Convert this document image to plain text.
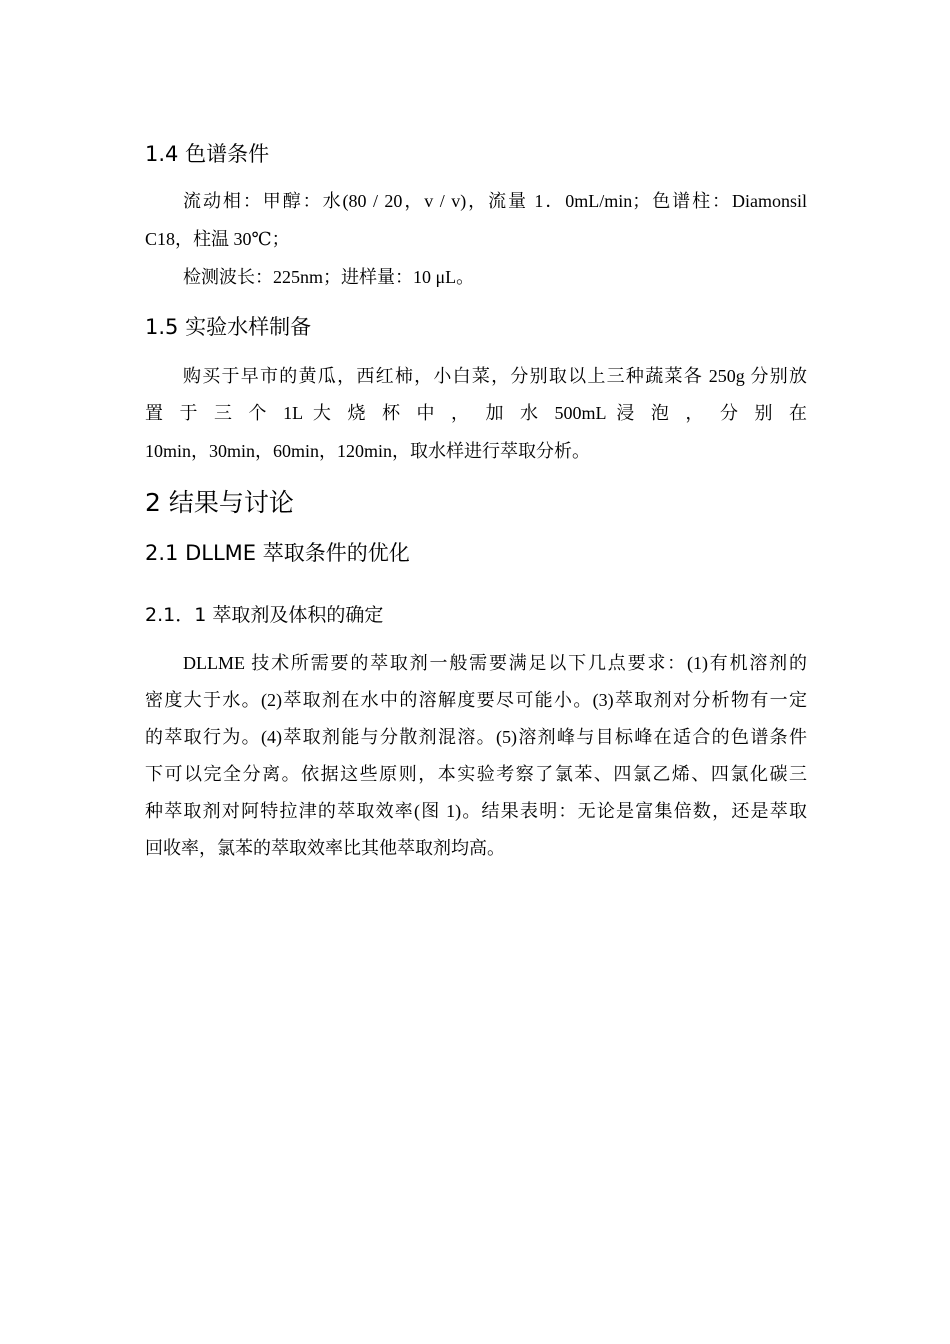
1.4 色谱条件

流动相：甲醇：水(80 / 20，v / v)，流量 1．0mL/min；色谱柱：Diamonsil

C18，柱温 30℃；

检测波长：225nm；进样量：10 μL。

1.5 实验水样制备

购买于早市的黄瓜，西红柿，小白菜，分别取以上三种蔬菜各 250g 分别放

置 于 三 个 1L 大 烧 杯 中 ， 加 水 500mL 浸 泡 ， 分 别 在

10min，30min，60min，120min，取水样进行萃取分析。

2 结果与讨论
2.1 DLLME 萃取条件的优化
2.1．1 萃取剂及体积的确定

DLLME 技术所需要的萃取剂一般需要满足以下几点要求：(1)有机溶剂的

密度大于水。(2)萃取剂在水中的溶解度要尽可能小。(3)萃取剂对分析物有一定

的萃取行为。(4)萃取剂能与分散剂混溶。(5)溶剂峰与目标峰在适合的色谱条件

下可以完全分离。依据这些原则，本实验考察了氯苯、四氯乙烯、四氯化碳三

种萃取剂对阿特拉津的萃取效率(图 1)。结果表明：无论是富集倍数，还是萃取

回收率，氯苯的萃取效率比其他萃取剂均高。
